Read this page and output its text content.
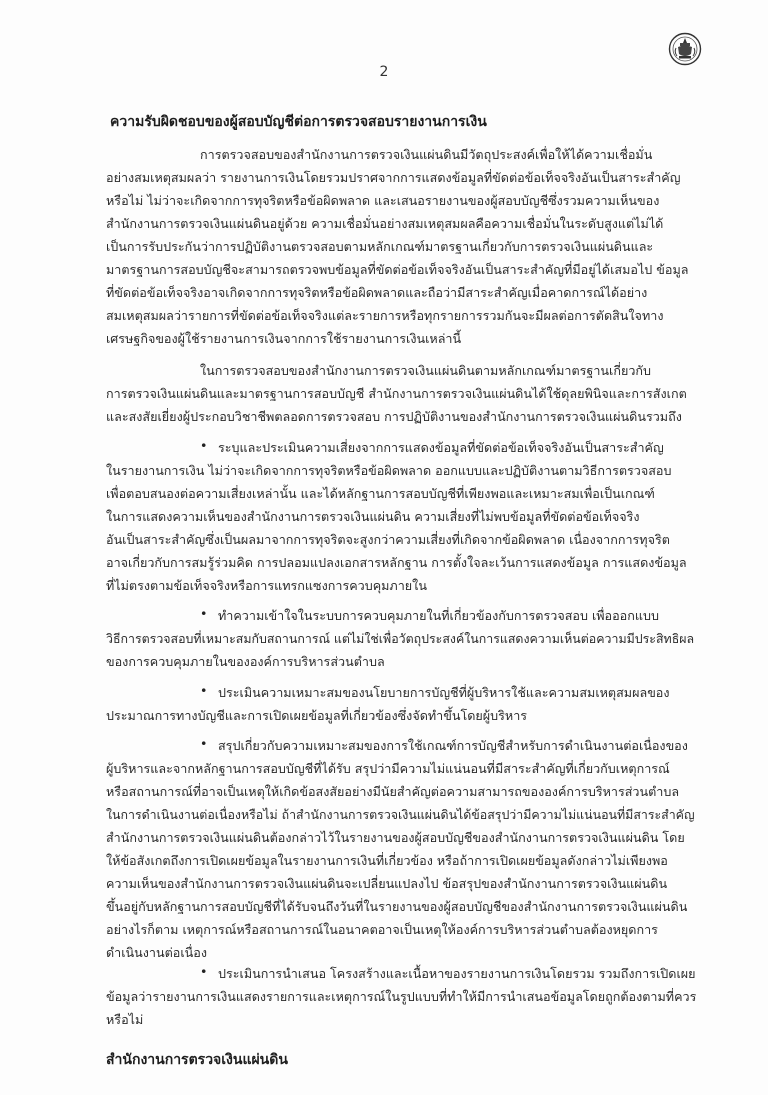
2
ความรับผิดชอบของผู้สอบบัญชีต่อการตรวจสอบรายงานการเงิน
การตรวจสอบของสำนักงานการตรวจเงินแผ่นดินมีวัตถุประสงค์เพื่อให้ได้ความเชื่อมั่น
อย่างสมเหตุสมผลว่า รายงานการเงินโดยรวมปราศจากการแสดงข้อมูลที่ขัดต่อข้อเท็จจริงอันเป็นสาระสำคัญ
หรือไม่ ไม่ว่าจะเกิดจากการทุจริตหรือข้อผิดพลาด และเสนอรายงานของผู้สอบบัญชีซึ่งรวมความเห็นของ
สำนักงานการตรวจเงินแผ่นดินอยู่ด้วย ความเชื่อมั่นอย่างสมเหตุสมผลคือความเชื่อมั่นในระดับสูงแต่ไม่ได้
เป็นการรับประกันว่าการปฏิบัติงานตรวจสอบตามหลักเกณฑ์มาตรฐานเกี่ยวกับการตรวจเงินแผ่นดินและ
มาตรฐานการสอบบัญชีจะสามารถตรวจพบข้อมูลที่ขัดต่อข้อเท็จจริงอันเป็นสาระสำคัญที่มีอยู่ได้เสมอไป ข้อมูล
ที่ขัดต่อข้อเท็จจริงอาจเกิดจากการทุจริตหรือข้อผิดพลาดและถือว่ามีสาระสำคัญเมื่อคาดการณ์ได้อย่าง
สมเหตุสมผลว่ารายการที่ขัดต่อข้อเท็จจริงแต่ละรายการหรือทุกรายการรวมกันจะมีผลต่อการตัดสินใจทาง
เศรษฐกิจของผู้ใช้รายงานการเงินจากการใช้รายงานการเงินเหล่านี้
ในการตรวจสอบของสำนักงานการตรวจเงินแผ่นดินตามหลักเกณฑ์มาตรฐานเกี่ยวกับ
การตรวจเงินแผ่นดินและมาตรฐานการสอบบัญชี สำนักงานการตรวจเงินแผ่นดินได้ใช้ดุลยพินิจและการสังเกต
และสงสัยเยี่ยงผู้ประกอบวิชาชีพตลอดการตรวจสอบ การปฏิบัติงานของสำนักงานการตรวจเงินแผ่นดินรวมถึง
• ระบุและประเมินความเสี่ยงจากการแสดงข้อมูลที่ขัดต่อข้อเท็จจริงอันเป็นสาระสำคัญ
ในรายงานการเงิน ไม่ว่าจะเกิดจากการทุจริตหรือข้อผิดพลาด ออกแบบและปฏิบัติงานตามวิธีการตรวจสอบ
เพื่อตอบสนองต่อความเสี่ยงเหล่านั้น และได้หลักฐานการสอบบัญชีที่เพียงพอและเหมาะสมเพื่อเป็นเกณฑ์
ในการแสดงความเห็นของสำนักงานการตรวจเงินแผ่นดิน ความเสี่ยงที่ไม่พบข้อมูลที่ขัดต่อข้อเท็จจริง
อันเป็นสาระสำคัญซึ่งเป็นผลมาจากการทุจริตจะสูงกว่าความเสี่ยงที่เกิดจากข้อผิดพลาด เนื่องจากการทุจริต
อาจเกี่ยวกับการสมรู้ร่วมคิด การปลอมแปลงเอกสารหลักฐาน การตั้งใจละเว้นการแสดงข้อมูล การแสดงข้อมูล
ที่ไม่ตรงตามข้อเท็จจริงหรือการแทรกแซงการควบคุมภายใน
• ทำความเข้าใจในระบบการควบคุมภายในที่เกี่ยวข้องกับการตรวจสอบ เพื่อออกแบบ
วิธีการตรวจสอบที่เหมาะสมกับสถานการณ์ แต่ไม่ใช่เพื่อวัตถุประสงค์ในการแสดงความเห็นต่อความมีประสิทธิผล
ของการควบคุมภายในขององค์การบริหารส่วนตำบล
• ประเมินความเหมาะสมของนโยบายการบัญชีที่ผู้บริหารใช้และความสมเหตุสมผลของ
ประมาณการทางบัญชีและการเปิดเผยข้อมูลที่เกี่ยวข้องซึ่งจัดทำขึ้นโดยผู้บริหาร
• สรุปเกี่ยวกับความเหมาะสมของการใช้เกณฑ์การบัญชีสำหรับการดำเนินงานต่อเนื่องของ
ผู้บริหารและจากหลักฐานการสอบบัญชีที่ได้รับ สรุปว่ามีความไม่แน่นอนที่มีสาระสำคัญที่เกี่ยวกับเหตุการณ์
หรือสถานการณ์ที่อาจเป็นเหตุให้เกิดข้อสงสัยอย่างมีนัยสำคัญต่อความสามารถขององค์การบริหารส่วนตำบล
ในการดำเนินงานต่อเนื่องหรือไม่ ถ้าสำนักงานการตรวจเงินแผ่นดินได้ข้อสรุปว่ามีความไม่แน่นอนที่มีสาระสำคัญ
สำนักงานการตรวจเงินแผ่นดินต้องกล่าวไว้ในรายงานของผู้สอบบัญชีของสำนักงานการตรวจเงินแผ่นดิน โดย
ให้ข้อสังเกตถึงการเปิดเผยข้อมูลในรายงานการเงินที่เกี่ยวข้อง หรือถ้าการเปิดเผยข้อมูลดังกล่าวไม่เพียงพอ
ความเห็นของสำนักงานการตรวจเงินแผ่นดินจะเปลี่ยนแปลงไป ข้อสรุปของสำนักงานการตรวจเงินแผ่นดิน
ขึ้นอยู่กับหลักฐานการสอบบัญชีที่ได้รับจนถึงวันที่ในรายงานของผู้สอบบัญชีของสำนักงานการตรวจเงินแผ่นดิน
อย่างไรก็ตาม เหตุการณ์หรือสถานการณ์ในอนาคตอาจเป็นเหตุให้องค์การบริหารส่วนตำบลต้องหยุดการ
ดำเนินงานต่อเนื่อง
• ประเมินการนำเสนอ โครงสร้างและเนื้อหาของรายงานการเงินโดยรวม รวมถึงการเปิดเผย
ข้อมูลว่ารายงานการเงินแสดงรายการและเหตุการณ์ในรูปแบบที่ทำให้มีการนำเสนอข้อมูลโดยถูกต้องตามที่ควร
หรือไม่
สำนักงานการตรวจเงินแผ่นดิน
